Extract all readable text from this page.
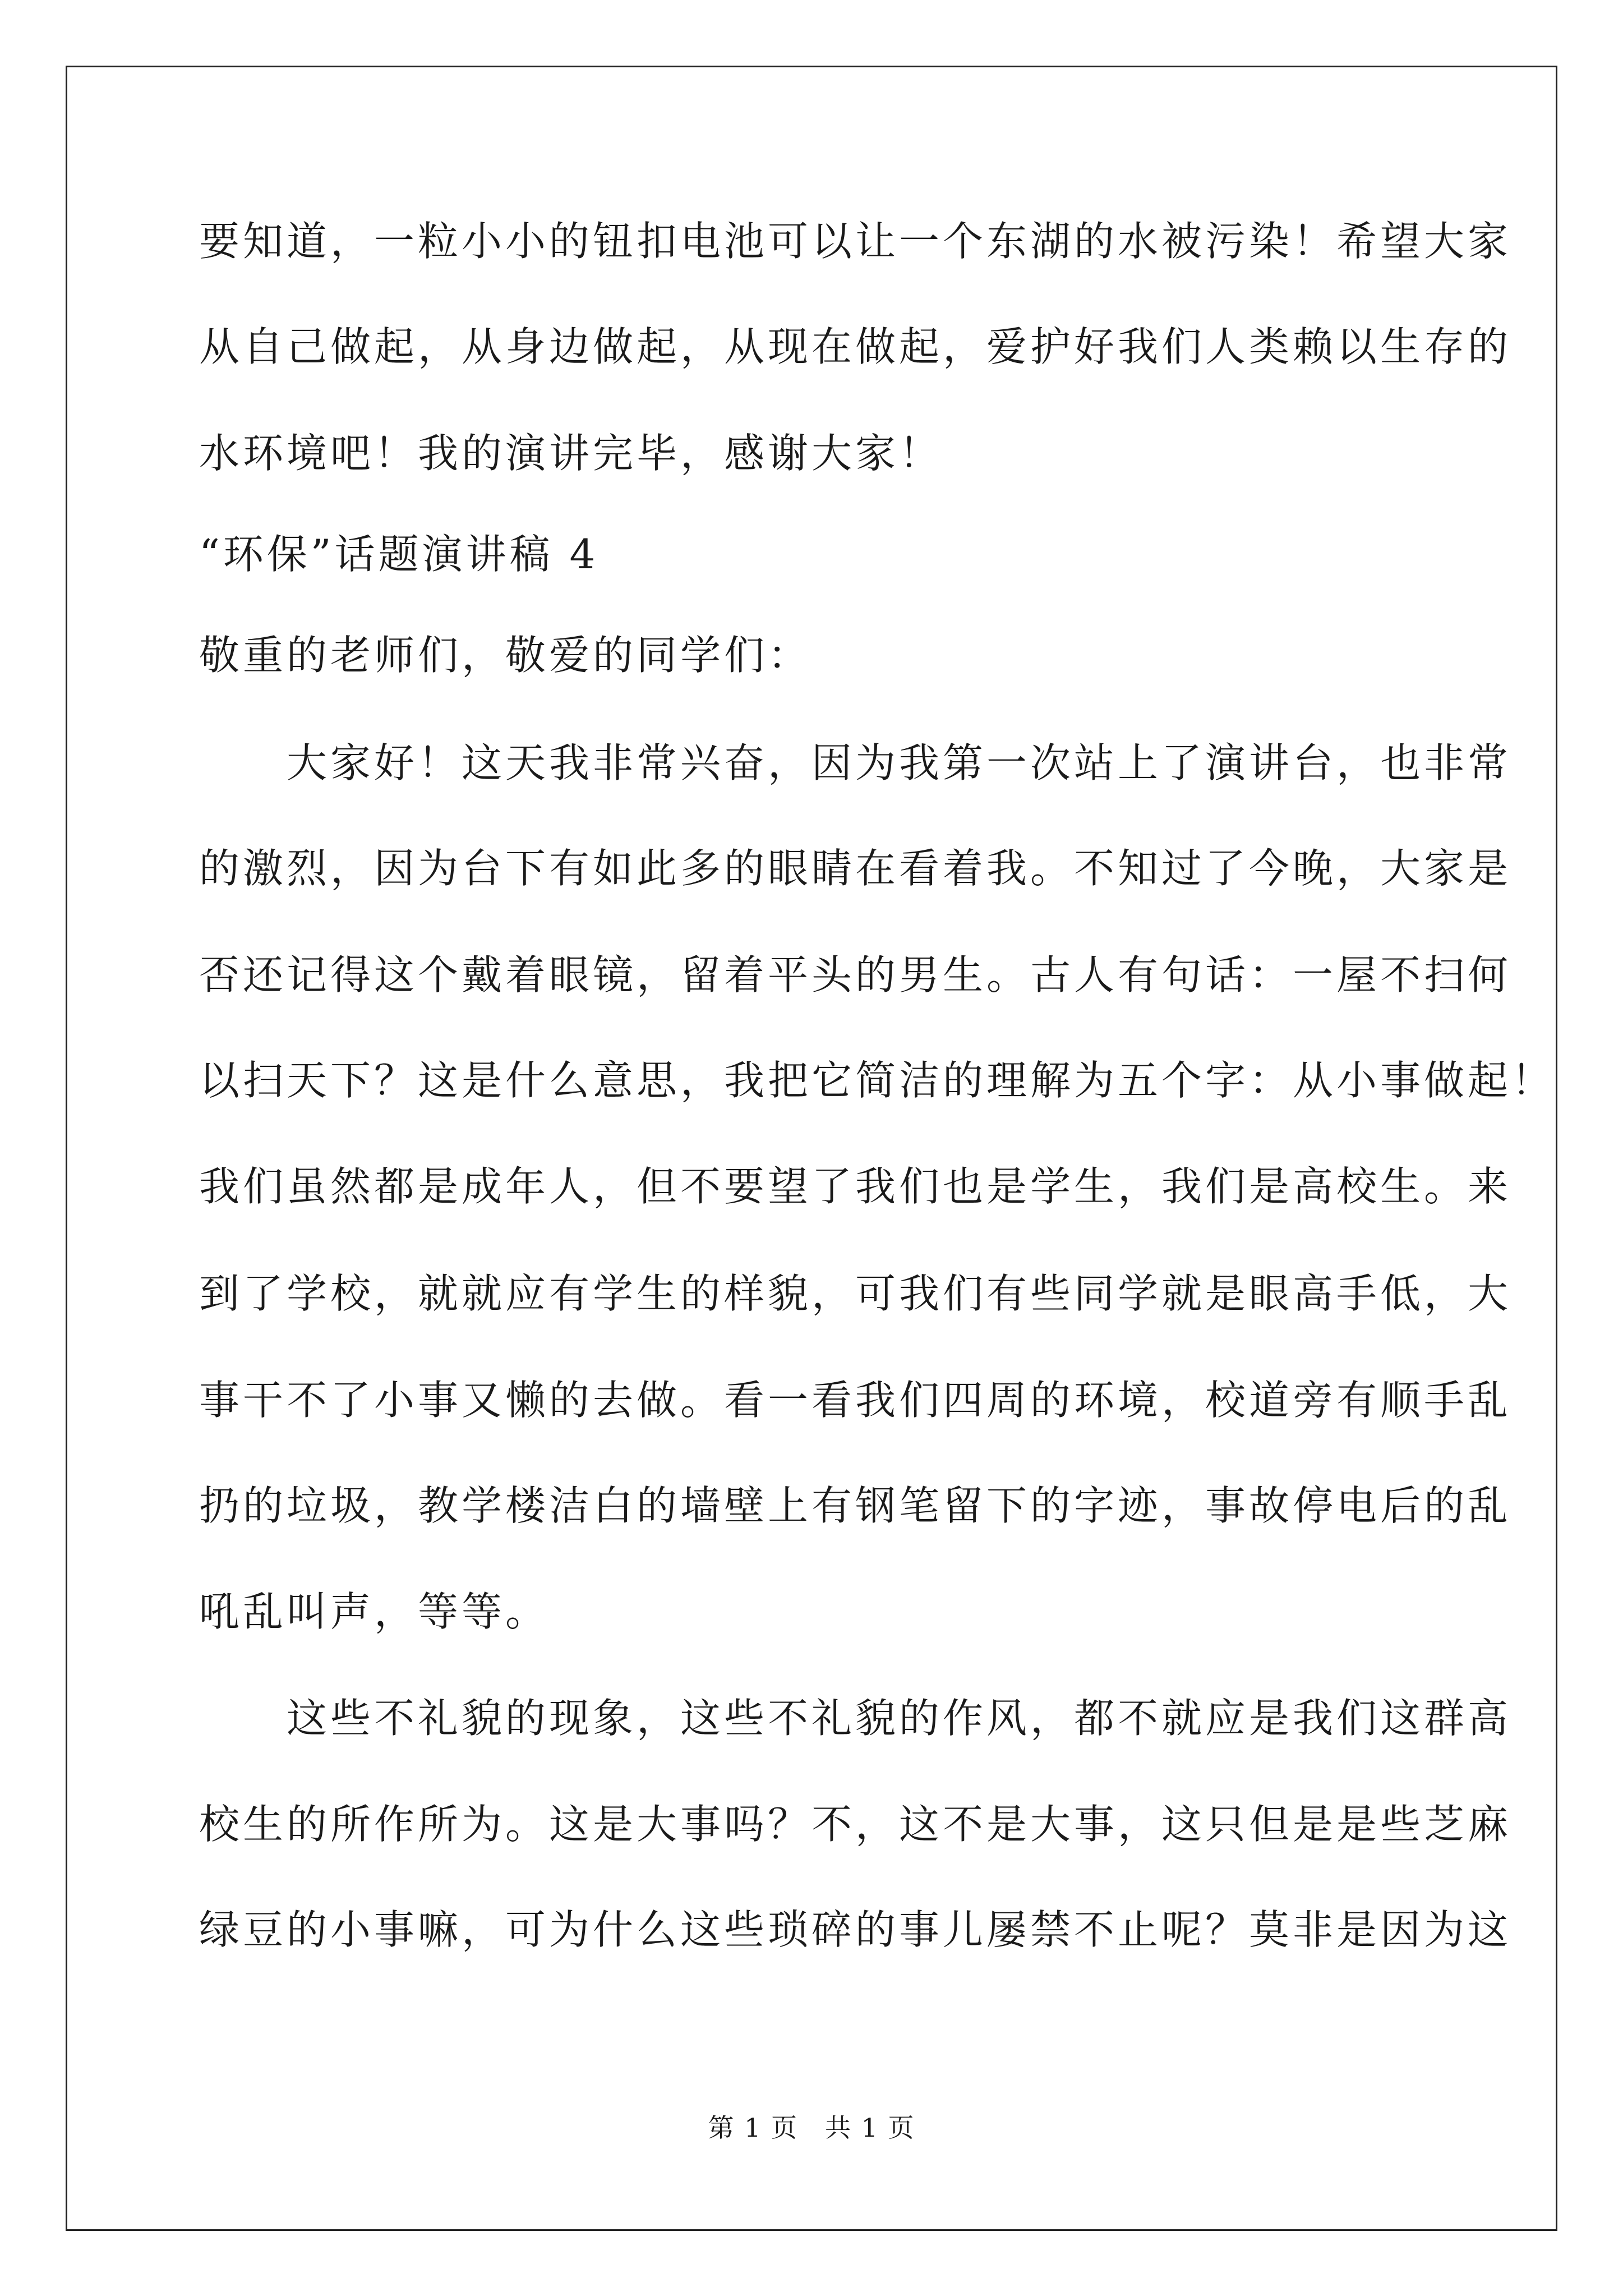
要知道，一粒小小的钮扣电池可以让一个东湖的水被污染！希望大家
从自己做起，从身边做起，从现在做起，爱护好我们人类赖以生存的
水环境吧！我的演讲完毕，感谢大家！
“环保”话题演讲稿 4
敬重的老师们，敬爱的同学们：
　　大家好！这天我非常兴奋，因为我第一次站上了演讲台，也非常
的激烈，因为台下有如此多的眼睛在看着我。不知过了今晚，大家是
否还记得这个戴着眼镜，留着平头的男生。古人有句话：一屋不扫何
以扫天下？这是什么意思，我把它简洁的理解为五个字：从小事做起！
我们虽然都是成年人，但不要望了我们也是学生，我们是高校生。来
到了学校，就就应有学生的样貌，可我们有些同学就是眼高手低，大
事干不了小事又懒的去做。看一看我们四周的环境，校道旁有顺手乱
扔的垃圾，教学楼洁白的墙壁上有钢笔留下的字迹，事故停电后的乱
吼乱叫声，等等。
　　这些不礼貌的现象，这些不礼貌的作风，都不就应是我们这群高
校生的所作所为。这是大事吗？不，这不是大事，这只但是是些芝麻
绿豆的小事嘛，可为什么这些琐碎的事儿屡禁不止呢？莫非是因为这
第 1 页　共 1 页
